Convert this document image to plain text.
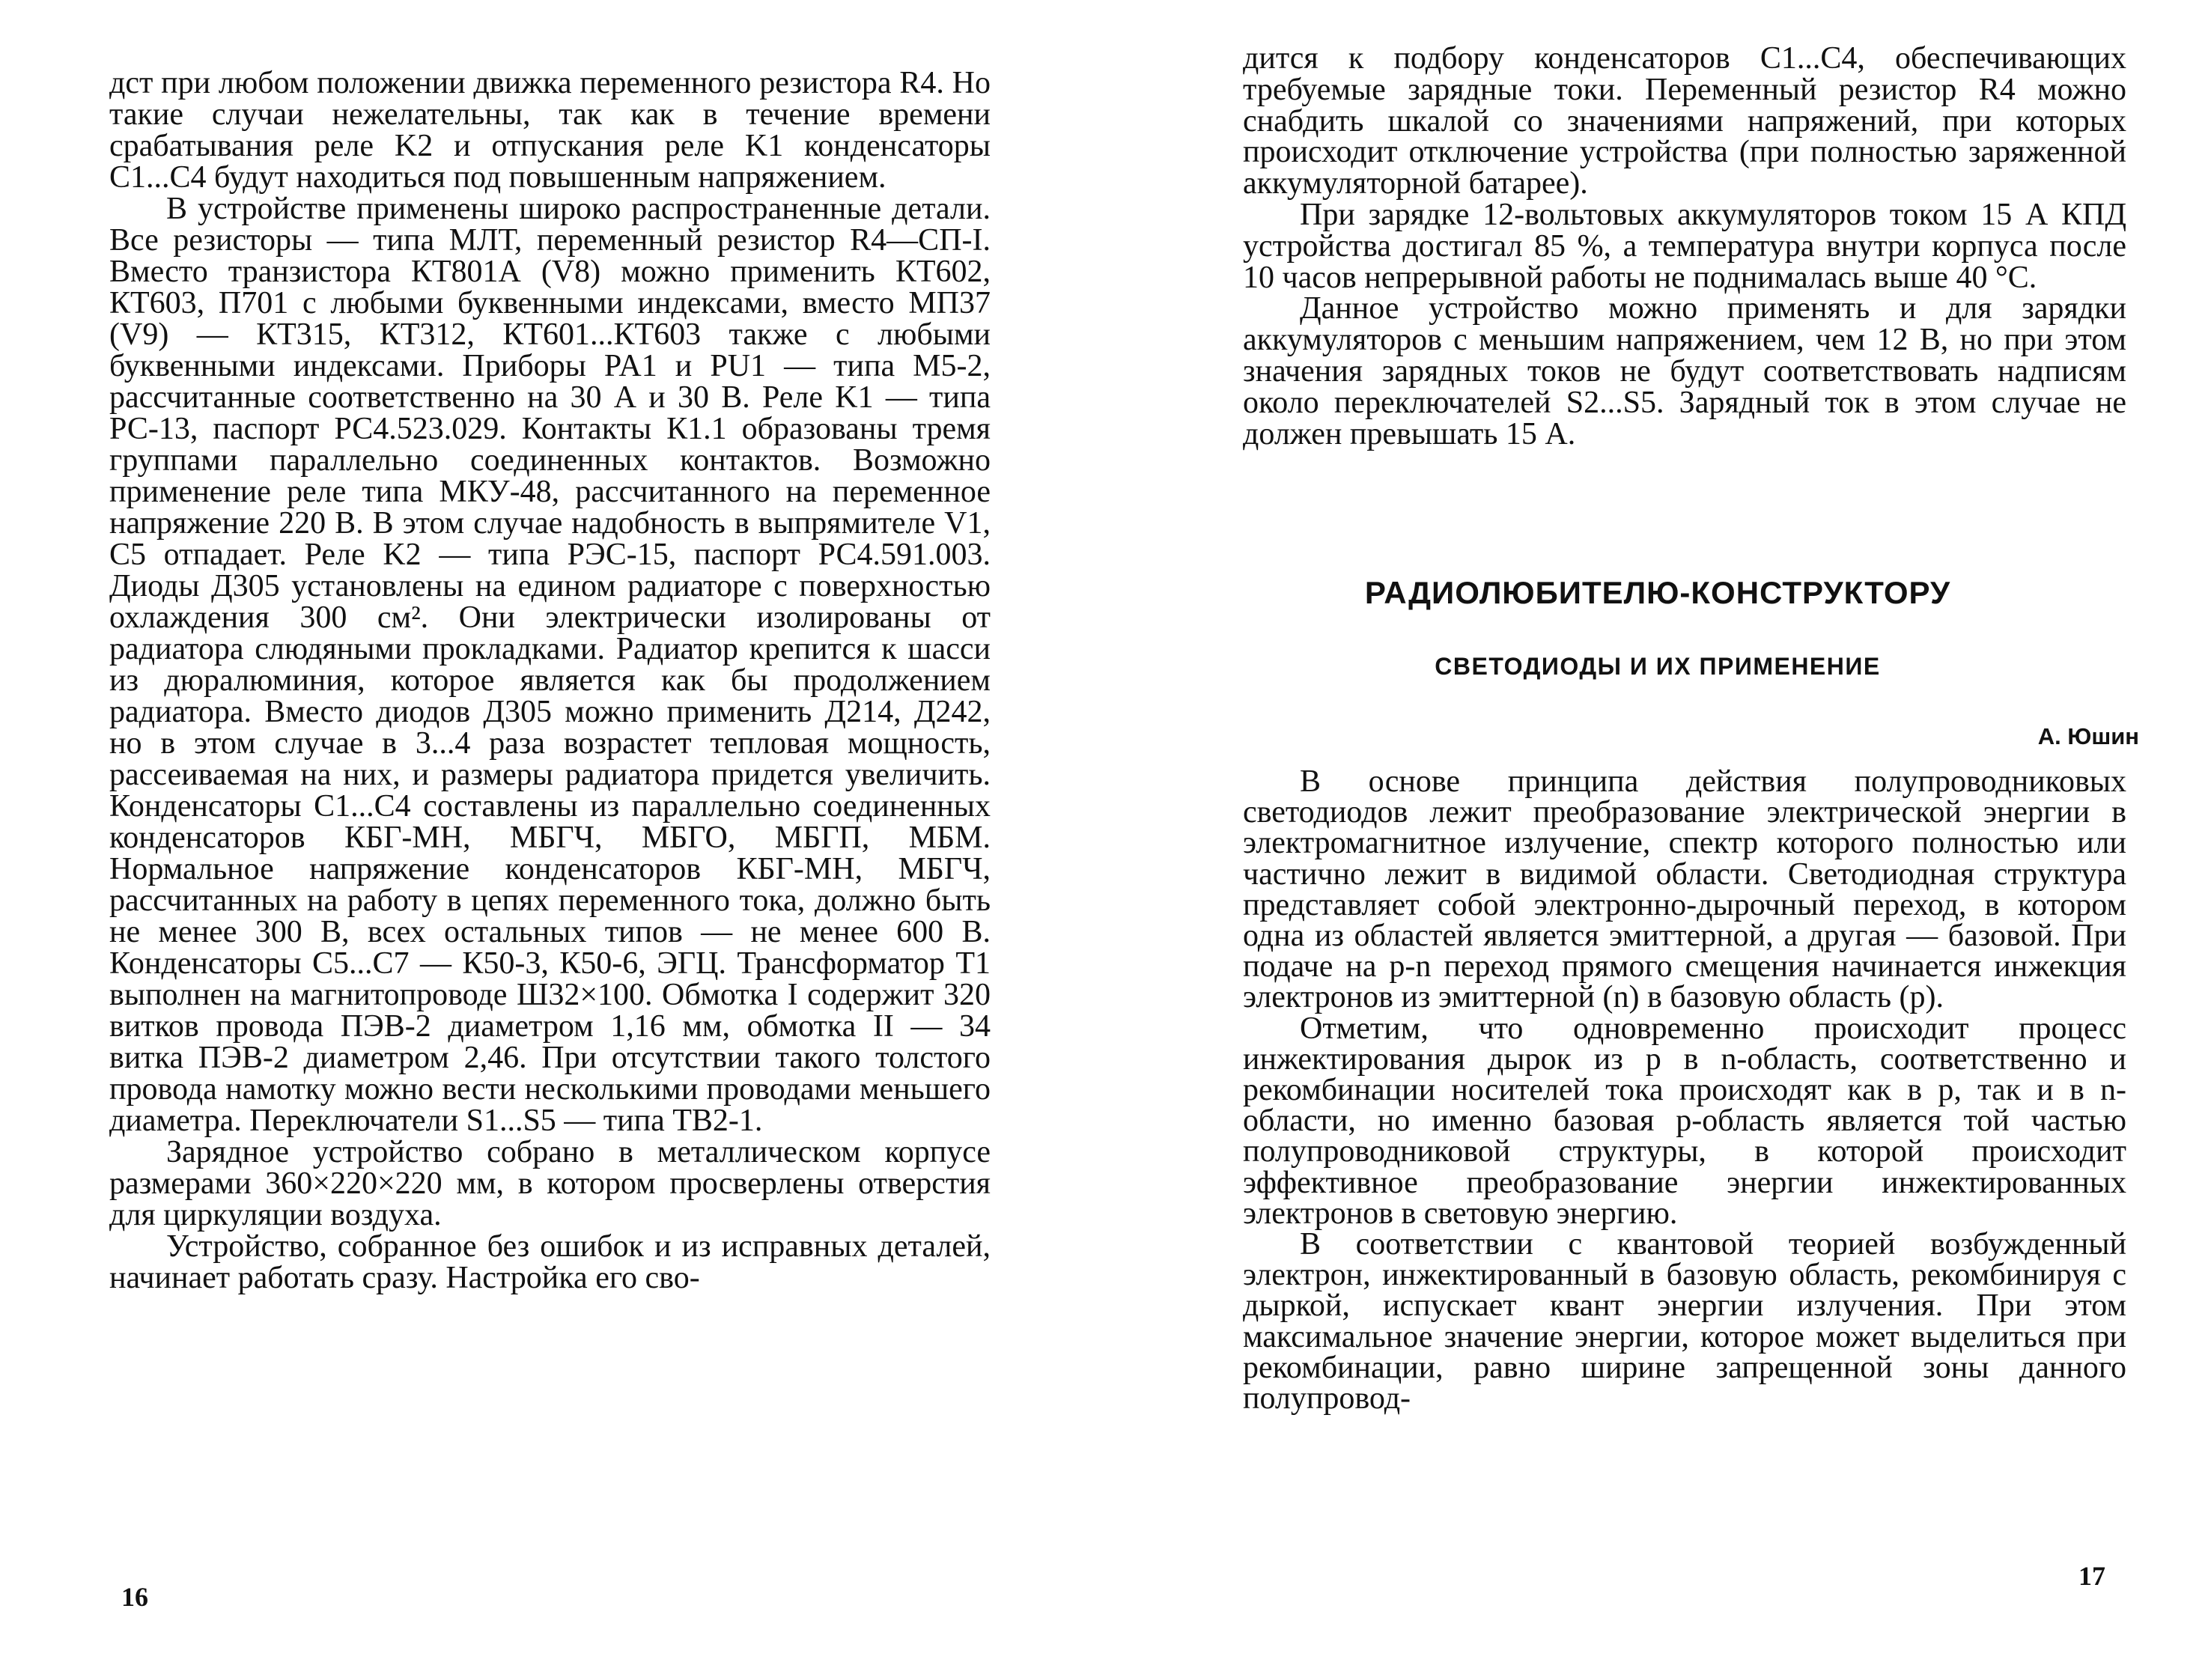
дст при любом положении движка переменного резистора R4. Но такие случаи нежелательны, так как в течение времени срабатывания реле K2 и отпускания реле K1 конденсаторы C1...C4 будут находиться под повышенным напряжением.

В устройстве применены широко распространенные детали. Все резисторы — типа МЛТ, переменный резистор R4—СП-I. Вместо транзистора КТ801А (V8) можно применить КТ602, КТ603, П701 с любыми буквенными индексами, вместо МП37 (V9) — КТ315, КТ312, КТ601...КТ603 также с любыми буквенными индексами. Приборы PA1 и PU1 — типа М5-2, рассчитанные соответственно на 30 А и 30 В. Реле K1 — типа РС-13, паспорт РС4.523.029. Контакты К1.1 образованы тремя группами параллельно соединенных контактов. Возможно применение реле типа МКУ-48, рассчитанного на переменное напряжение 220 В. В этом случае надобность в выпрямителе V1, C5 отпадает. Реле K2 — типа РЭС-15, паспорт РС4.591.003. Диоды Д305 установлены на едином радиаторе с поверхностью охлаждения 300 см². Они электрически изолированы от радиатора слюдяными прокладками. Радиатор крепится к шасси из дюралюминия, которое является как бы продолжением радиатора. Вместо диодов Д305 можно применить Д214, Д242, но в этом случае в 3...4 раза возрастет тепловая мощность, рассеиваемая на них, и размеры радиатора придется увеличить. Конденсаторы C1...C4 составлены из параллельно соединенных конденсаторов КБГ-МН, МБГЧ, МБГО, МБГП, МБМ. Нормальное напряжение конденсаторов КБГ-МН, МБГЧ, рассчитанных на работу в цепях переменного тока, должно быть не менее 300 В, всех остальных типов — не менее 600 В. Конденсаторы C5...C7 — К50-3, К50-6, ЭГЦ. Трансформатор T1 выполнен на магнитопроводе Ш32×100. Обмотка I содержит 320 витков провода ПЭВ-2 диаметром 1,16 мм, обмотка II — 34 витка ПЭВ-2 диаметром 2,46. При отсутствии такого толстого провода намотку можно вести несколькими проводами меньшего диаметра. Переключатели S1...S5 — типа ТВ2-1.

Зарядное устройство собрано в металлическом корпусе размерами 360×220×220 мм, в котором просверлены отверстия для циркуляции воздуха.

Устройство, собранное без ошибок и из исправных деталей, начинает работать сразу. Настройка его сво-

16

дится к подбору конденсаторов C1...C4, обеспечивающих требуемые зарядные токи. Переменный резистор R4 можно снабдить шкалой со значениями напряжений, при которых происходит отключение устройства (при полностью заряженной аккумуляторной батарее).

При зарядке 12-вольтовых аккумуляторов током 15 А КПД устройства достигал 85 %, а температура внутри корпуса после 10 часов непрерывной работы не поднималась выше 40 °С.

Данное устройство можно применять и для зарядки аккумуляторов с меньшим напряжением, чем 12 В, но при этом значения зарядных токов не будут соответствовать надписям около переключателей S2...S5. Зарядный ток в этом случае не должен превышать 15 А.

РАДИОЛЮБИТЕЛЮ-КОНСТРУКТОРУ
СВЕТОДИОДЫ И ИХ ПРИМЕНЕНИЕ
А. Юшин

В основе принципа действия полупроводниковых светодиодов лежит преобразование электрической энергии в электромагнитное излучение, спектр которого полностью или частично лежит в видимой области. Светодиодная структура представляет собой электронно-дырочный переход, в котором одна из областей является эмиттерной, а другая — базовой. При подаче на p-n переход прямого смещения начинается инжекция электронов из эмиттерной (n) в базовую область (p).

Отметим, что одновременно происходит процесс инжектирования дырок из p в n-область, соответственно и рекомбинации носителей тока происходят как в p, так и в n-области, но именно базовая p-область является той частью полупроводниковой структуры, в которой происходит эффективное преобразование энергии инжектированных электронов в световую энергию.

В соответствии с квантовой теорией возбужденный электрон, инжектированный в базовую область, рекомбинируя с дыркой, испускает квант энергии излучения. При этом максимальное значение энергии, которое может выделиться при рекомбинации, равно ширине запрещенной зоны данного полупровод-

17
